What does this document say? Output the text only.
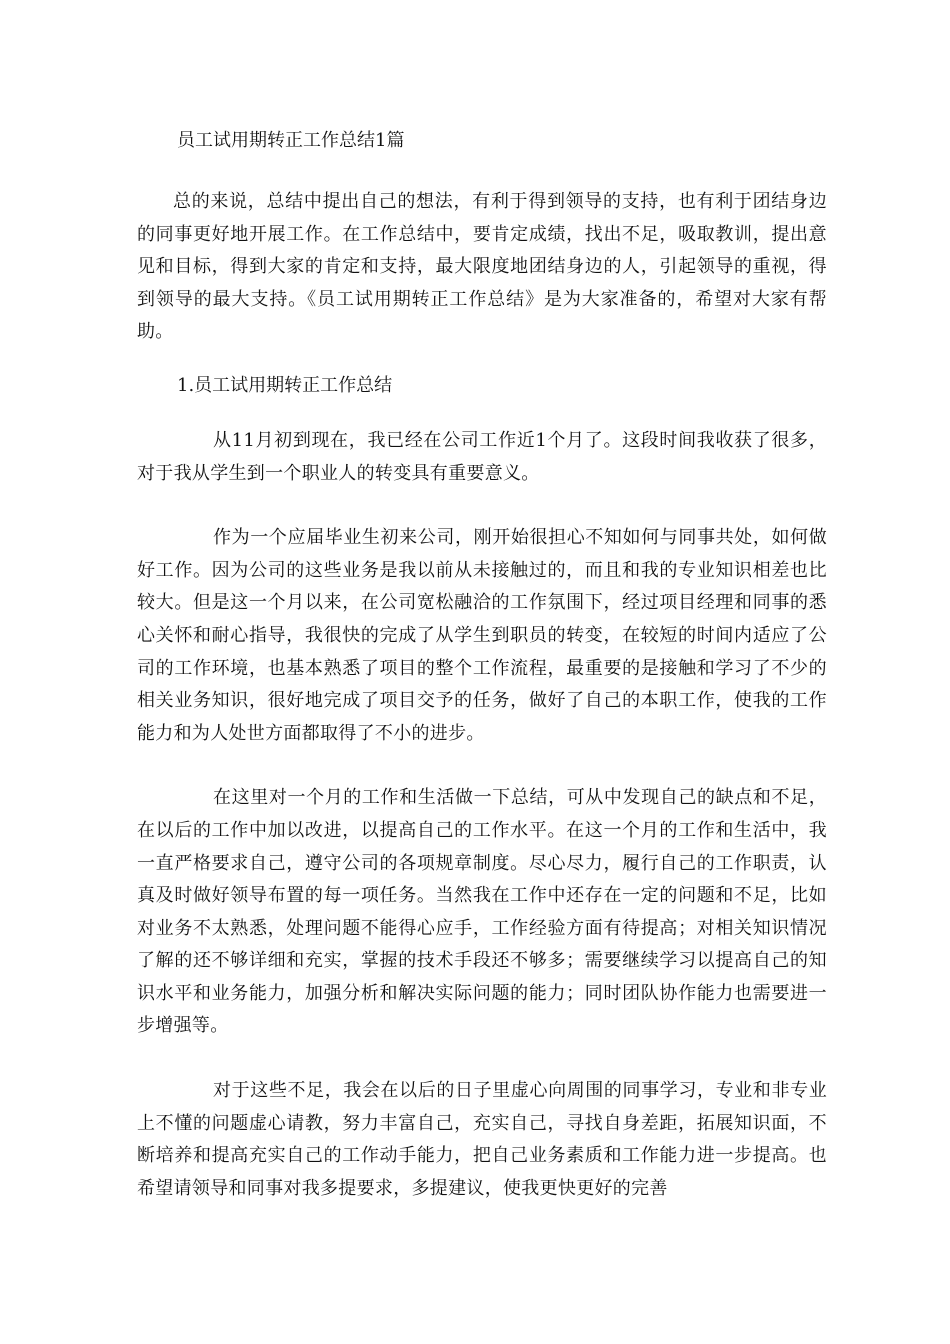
员工试用期转正工作总结1篇

总的来说，总结中提出自己的想法，有利于得到领导的支持，也有利于团结身边的同事更好地开展工作。在工作总结中，要肯定成绩，找出不足，吸取教训，提出意见和目标，得到大家的肯定和支持，最大限度地团结身边的人，引起领导的重视，得到领导的最大支持。《员工试用期转正工作总结》是为大家准备的，希望对大家有帮助。

1.员工试用期转正工作总结

从11月初到现在，我已经在公司工作近1个月了。这段时间我收获了很多，对于我从学生到一个职业人的转变具有重要意义。

作为一个应届毕业生初来公司，刚开始很担心不知如何与同事共处，如何做好工作。因为公司的这些业务是我以前从未接触过的，而且和我的专业知识相差也比较大。但是这一个月以来，在公司宽松融洽的工作氛围下，经过项目经理和同事的悉心关怀和耐心指导，我很快的完成了从学生到职员的转变，在较短的时间内适应了公司的工作环境，也基本熟悉了项目的整个工作流程，最重要的是接触和学习了不少的相关业务知识，很好地完成了项目交予的任务，做好了自己的本职工作，使我的工作能力和为人处世方面都取得了不小的进步。

在这里对一个月的工作和生活做一下总结，可从中发现自己的缺点和不足，在以后的工作中加以改进，以提高自己的工作水平。在这一个月的工作和生活中，我一直严格要求自己，遵守公司的各项规章制度。尽心尽力，履行自己的工作职责，认真及时做好领导布置的每一项任务。当然我在工作中还存在一定的问题和不足，比如对业务不太熟悉，处理问题不能得心应手，工作经验方面有待提高；对相关知识情况了解的还不够详细和充实，掌握的技术手段还不够多；需要继续学习以提高自己的知识水平和业务能力，加强分析和解决实际问题的能力；同时团队协作能力也需要进一步增强等。

对于这些不足，我会在以后的日子里虚心向周围的同事学习，专业和非专业上不懂的问题虚心请教，努力丰富自己，充实自己，寻找自身差距，拓展知识面，不断培养和提高充实自己的工作动手能力，把自己业务素质和工作能力进一步提高。也希望请领导和同事对我多提要求，多提建议，使我更快更好的完善
